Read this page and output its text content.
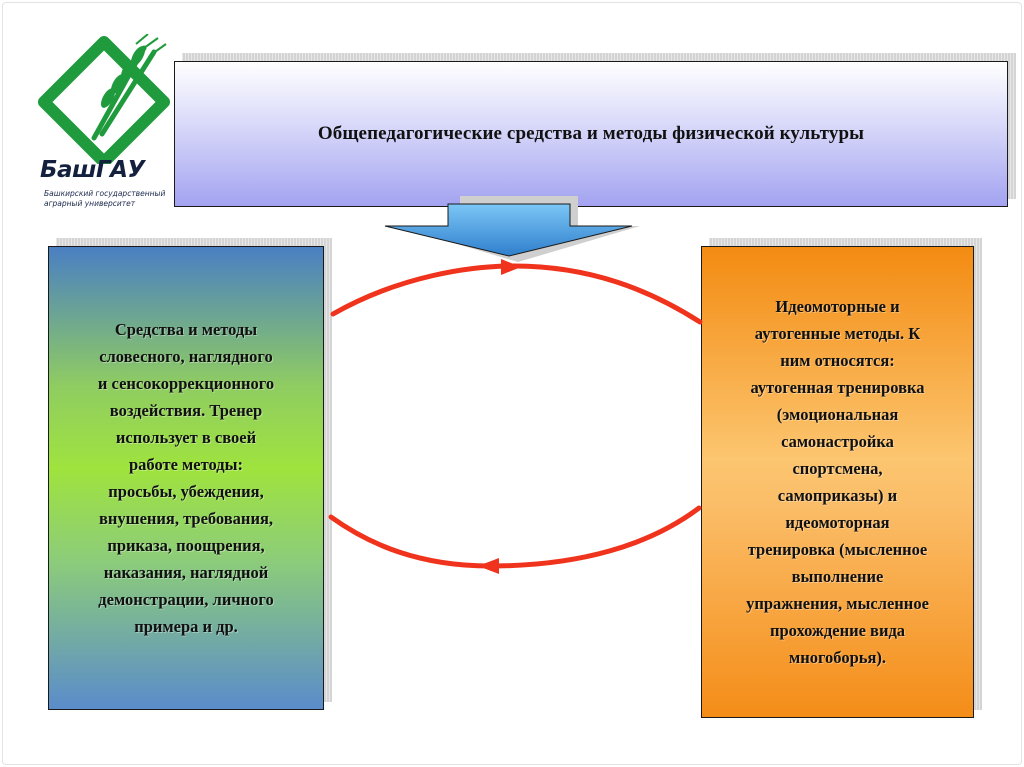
БашГАУ
Башкирский государственный
аграрный университет
Общепедагогические средства и методы физической культуры
Средства и методы
словесного, наглядного
и сенсокоррекционного
воздействия. Тренер
использует в своей
работе методы:
просьбы, убеждения,
внушения, требования,
приказа, поощрения,
наказания, наглядной
демонстрации, личного
примера и др.
Идеомоторные и
аутогенные методы. К
ним относятся:
аутогенная тренировка
(эмоциональная
самонастройка
спортсмена,
самоприказы) и
идеомоторная
тренировка (мысленное
выполнение
упражнения, мысленное
прохождение вида
многоборья).
